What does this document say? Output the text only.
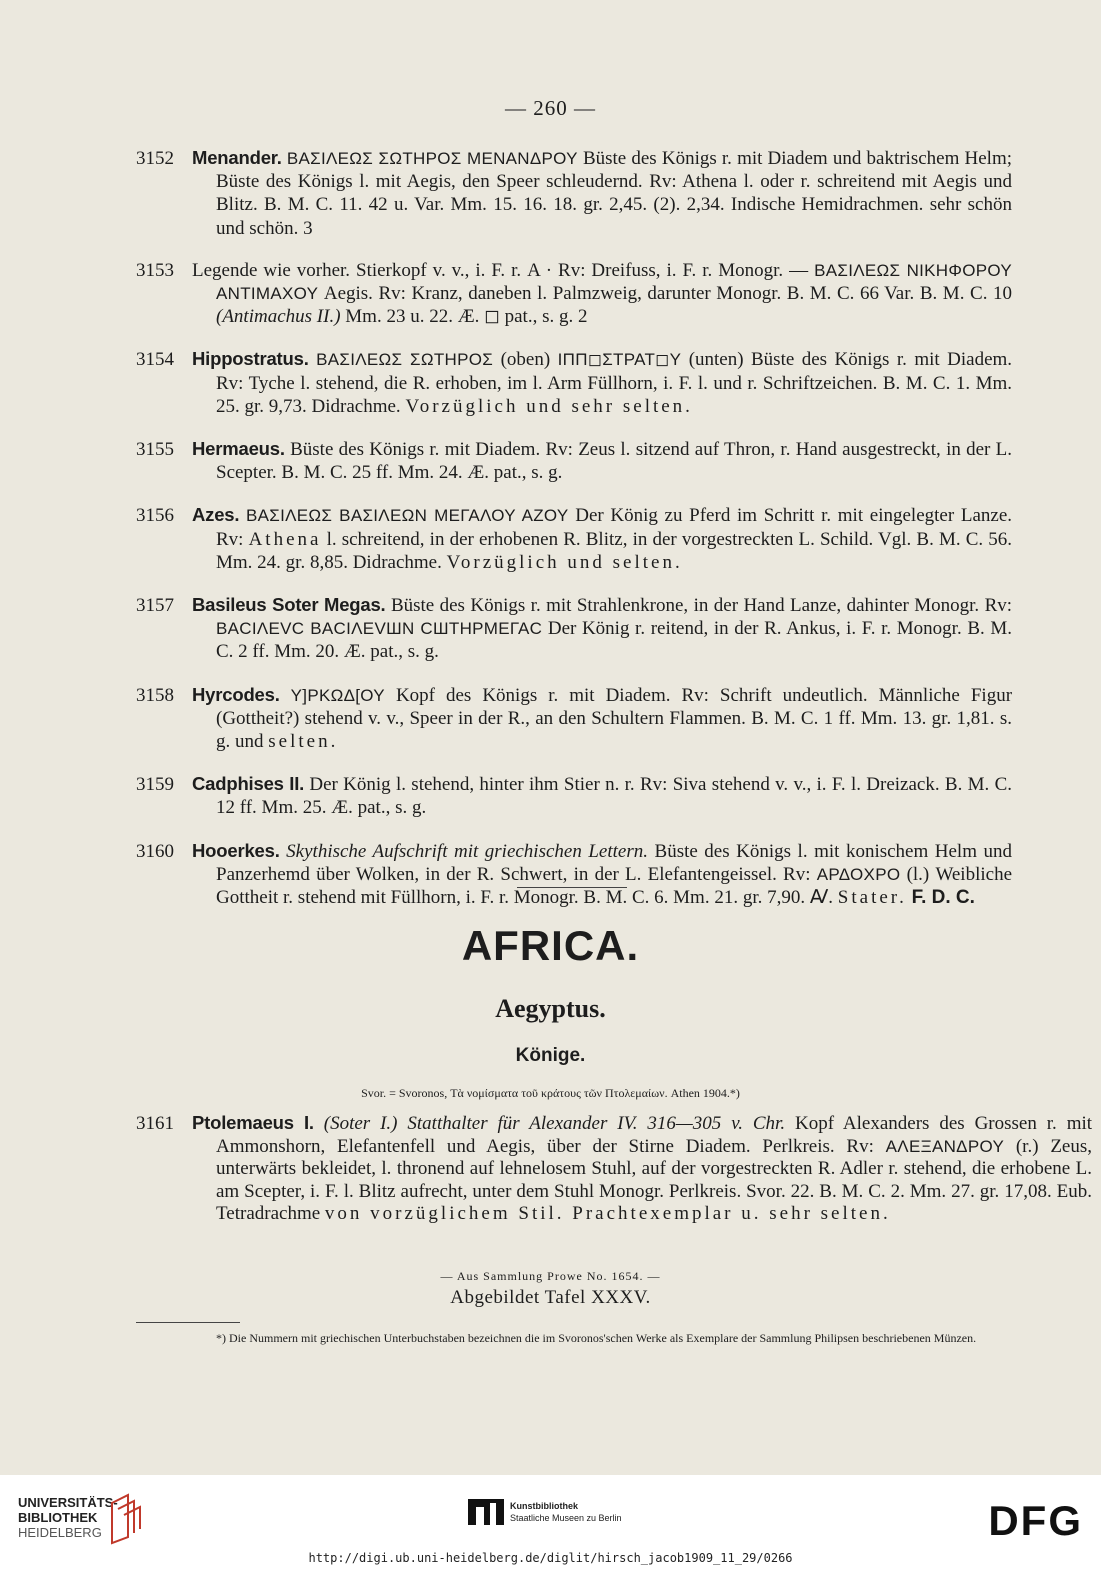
— 260 —

3152 Menander. ΒΑΣΙΛΕΩΣ ΣΩΤΗΡΟΣ ΜΕΝΑΝΔΡΟΥ Büste des Königs r. mit Diadem und baktrischem Helm; Büste des Königs l. mit Aegis, den Speer schleudernd. Rv: Athena l. oder r. schreitend mit Aegis und Blitz. B. M. C. 11. 42 u. Var. Mm. 15. 16. 18. gr. 2,45. (2). 2,34. Indische Hemidrachmen. sehr schön und schön. 3

3153 Legende wie vorher. Stierkopf v. v., i. F. r. Α · Rv: Dreifuss, i. F. r. Monogr. — ΒΑΣΙΛΕΩΣ ΝΙΚΗΦΟΡΟΥ ΑΝΤΙΜΑΧΟΥ Aegis. Rv: Kranz, daneben l. Palmzweig, darunter Monogr. B. M. C. 66 Var. B. M. C. 10 (Antimachus II.) Mm. 23 u. 22. Æ. ◻ pat., s. g. 2

3154 Hippostratus. ΒΑΣΙΛΕΩΣ ΣΩΤΗΡΟΣ (oben) ΙΠΠ◻ΣΤΡΑΤ◻Υ (unten) Büste des Königs r. mit Diadem. Rv: Tyche l. stehend, die R. erhoben, im l. Arm Füllhorn, i. F. l. und r. Schriftzeichen. B. M. C. 1. Mm. 25. gr. 9,73. Didrachme. Vorzüglich und sehr selten.

3155 Hermaeus. Büste des Königs r. mit Diadem. Rv: Zeus l. sitzend auf Thron, r. Hand ausgestreckt, in der L. Scepter. B. M. C. 25 ff. Mm. 24. Æ. pat., s. g.

3156 Azes. ΒΑΣΙΛΕΩΣ ΒΑΣΙΛΕΩΝ ΜΕΓΑΛΟΥ ΑΖΟΥ Der König zu Pferd im Schritt r. mit eingelegter Lanze. Rv: Athena l. schreitend, in der erhobenen R. Blitz, in der vorgestreckten L. Schild. Vgl. B. M. C. 56. Mm. 24. gr. 8,85. Didrachme. Vorzüglich und selten.

3157 Basileus Soter Megas. Büste des Königs r. mit Strahlenkrone, in der Hand Lanze, dahinter Monogr. Rv: ΒΑCΙΛΕVC ΒΑCΙΛΕVШΝ CШΤΗΡΜΕΓΑC Der König r. reitend, in der R. Ankus, i. F. r. Monogr. B. M. C. 2 ff. Mm. 20. Æ. pat., s. g.

3158 Hyrcodes. Υ]ΡΚΩΔ[ΟΥ Kopf des Königs r. mit Diadem. Rv: Schrift undeutlich. Männliche Figur (Gottheit?) stehend v. v., Speer in der R., an den Schultern Flammen. B. M. C. 1 ff. Mm. 13. gr. 1,81. s. g. und selten.

3159 Cadphises II. Der König l. stehend, hinter ihm Stier n. r. Rv: Siva stehend v. v., i. F. l. Dreizack. B. M. C. 12 ff. Mm. 25. Æ. pat., s. g.

3160 Hooerkes. Skythische Aufschrift mit griechischen Lettern. Büste des Königs l. mit konischem Helm und Panzerhemd über Wolken, in der R. Schwert, in der L. Elefantengeissel. Rv: ΑΡΔΟΧΡΟ (l.) Weibliche Gottheit r. stehend mit Füllhorn, i. F. r. Monogr. B. M. C. 6. Mm. 21. gr. 7,90. Ꜹ. Stater. F. D. C.

AFRICA.
Aegyptus.
Könige.
Svor. = Svoronos, Τὰ νομίσματα τοῦ κράτους τῶν Πτολεμαίων. Athen 1904.*)

3161 Ptolemaeus I. (Soter I.) Statthalter für Alexander IV. 316—305 v. Chr. Kopf Alexanders des Grossen r. mit Ammonshorn, Elefantenfell und Aegis, über der Stirne Diadem. Perlkreis. Rv: ΑΛΕΞΑΝΔΡΟΥ (r.) Zeus, unterwärts bekleidet, l. thronend auf lehnelosem Stuhl, auf der vorgestreckten R. Adler r. stehend, die erhobene L. am Scepter, i. F. l. Blitz aufrecht, unter dem Stuhl Monogr. Perlkreis. Svor. 22. B. M. C. 2. Mm. 27. gr. 17,08. Eub. Tetradrachme von vorzüglichem Stil. Prachtexemplar u. sehr selten.

— Aus Sammlung Prowe No. 1654. —
Abgebildet Tafel XXXV.
*) Die Nummern mit griechischen Unterbuchstaben bezeichnen die im Svoronos'schen Werke als Exemplare der Sammlung Philipsen beschriebenen Münzen.
UNIVERSITÄTS-
BIBLIOTHEK
HEIDELBERG
Kunstbibliothek
Staatliche Museen zu Berlin	DFG
http://digi.ub.uni-heidelberg.de/diglit/hirsch_jacob1909_11_29/0266
